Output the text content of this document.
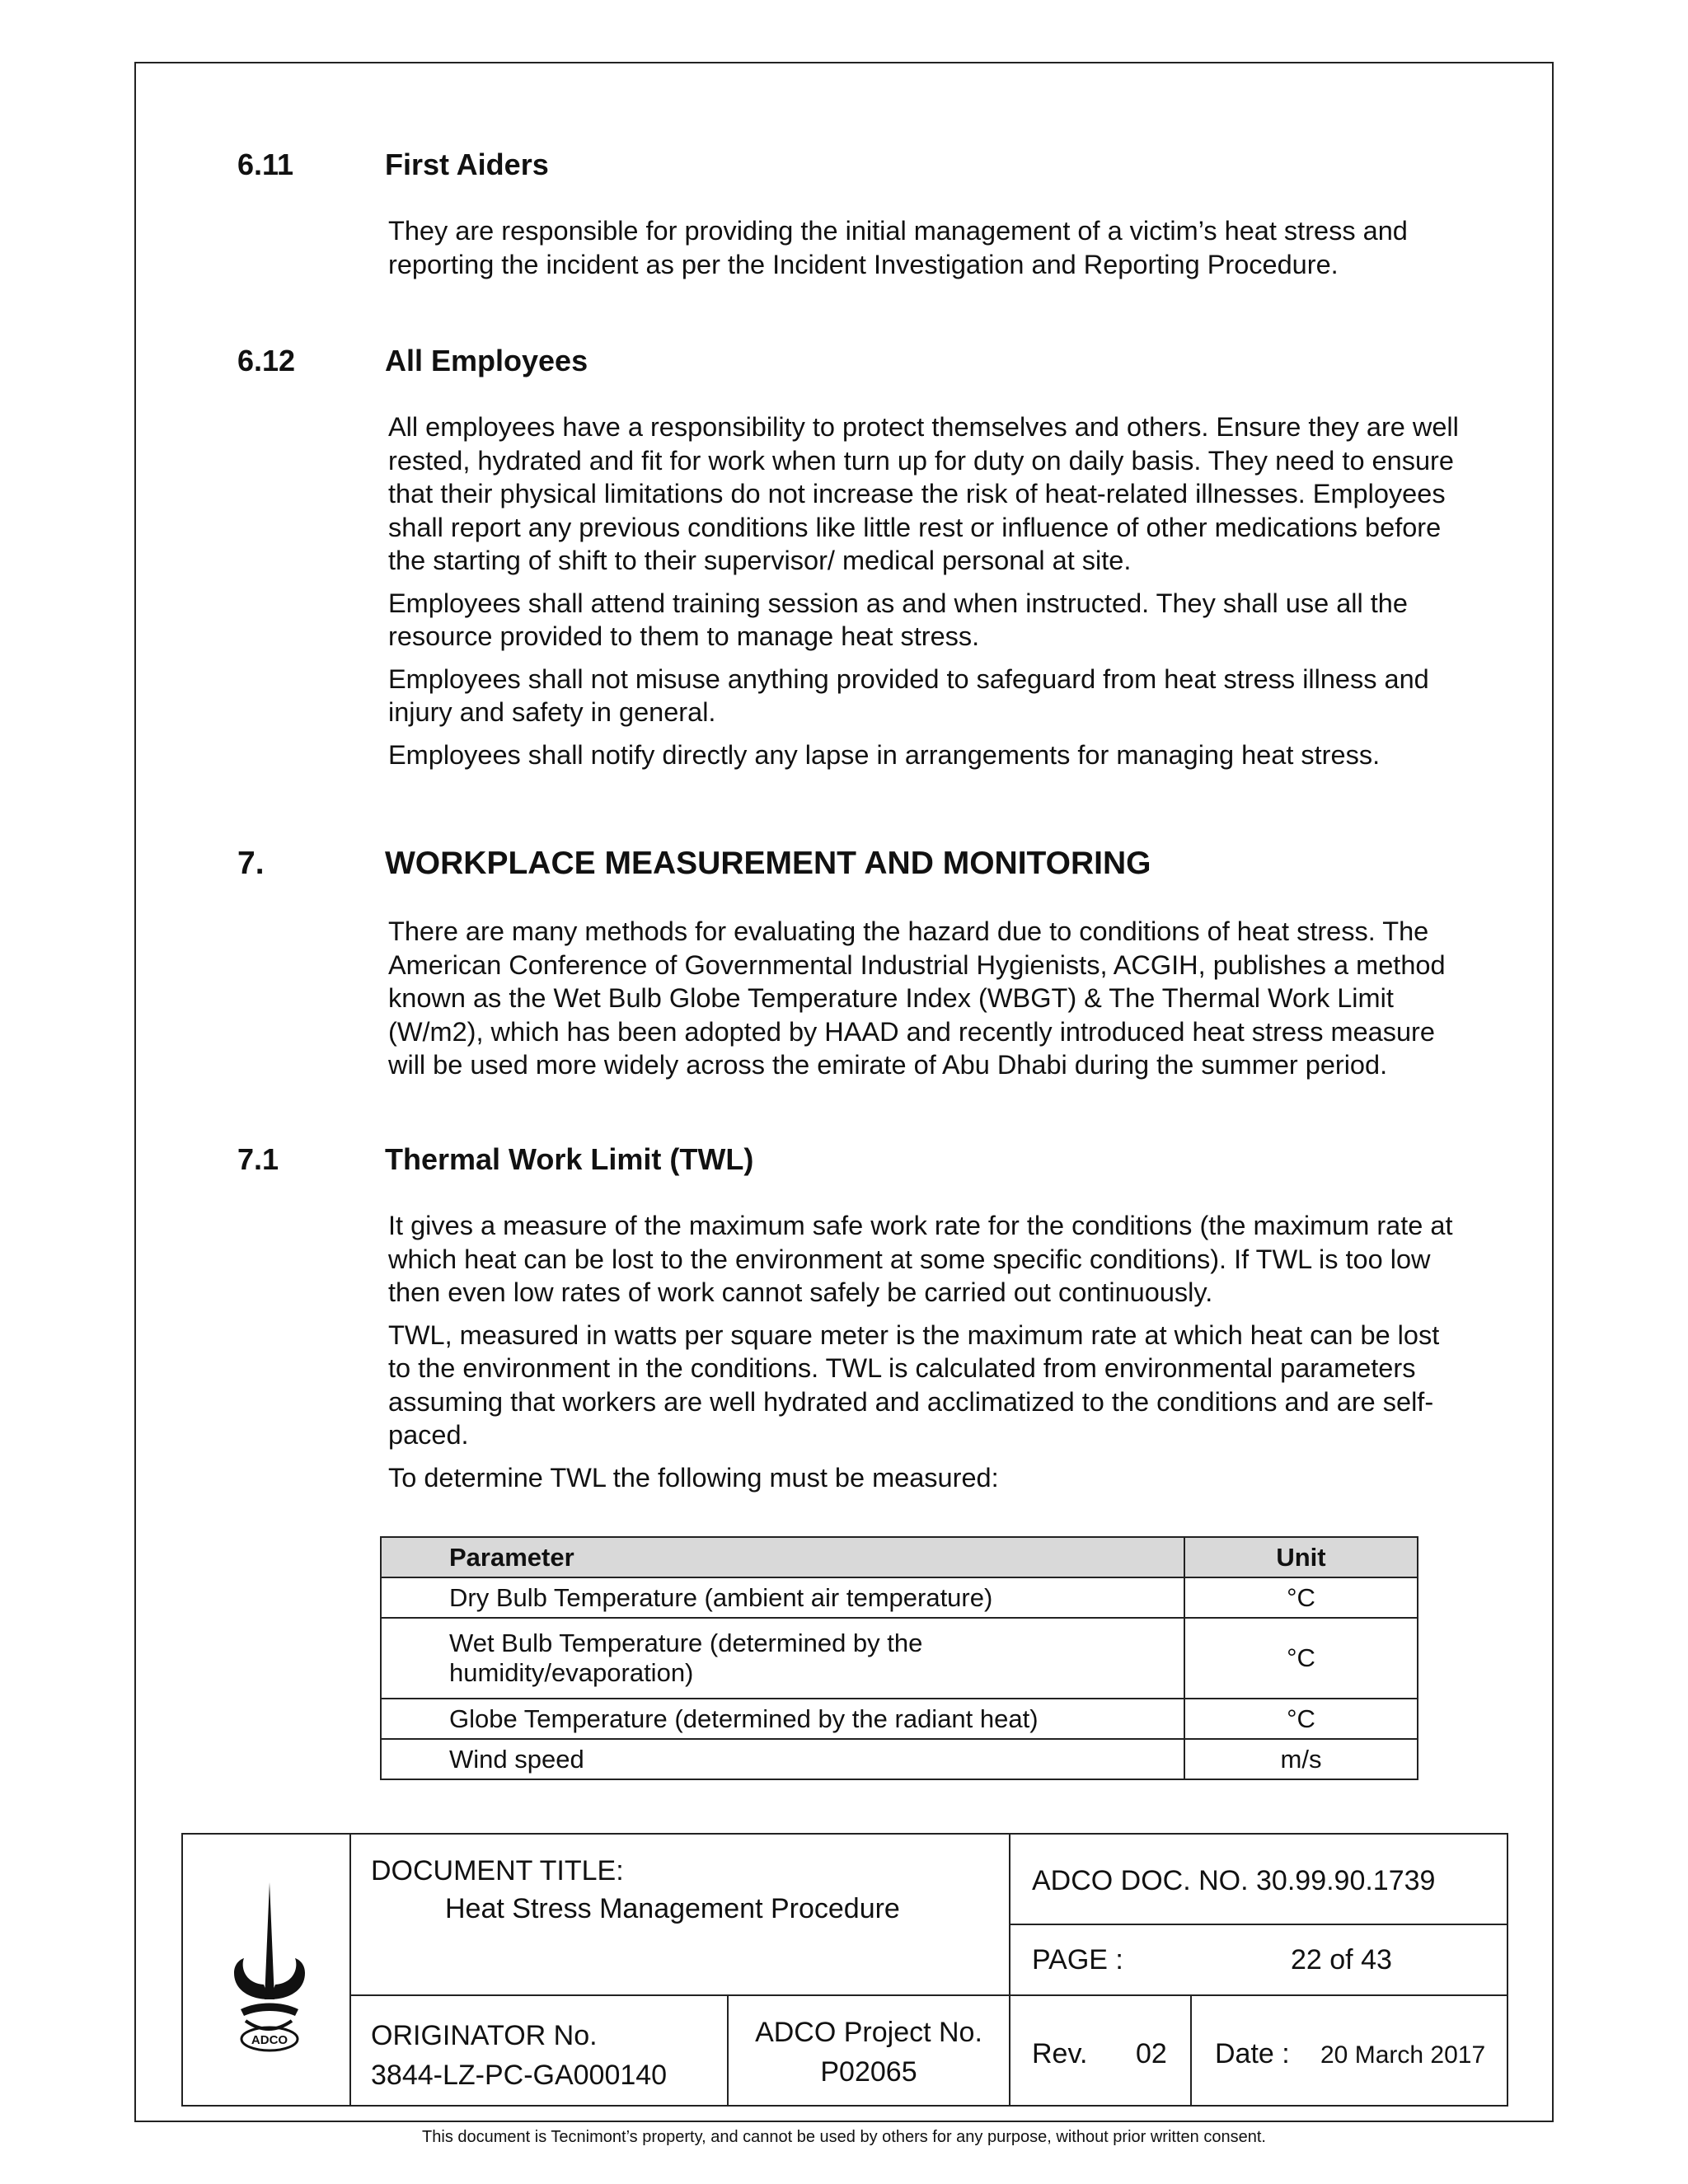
6.11	First Aiders

They are responsible for providing the initial management of a victim’s heat stress and reporting the incident as per the Incident Investigation and Reporting Procedure.

6.12	All Employees

All employees have a responsibility to protect themselves and others. Ensure they are well rested, hydrated and fit for work when turn up for duty on daily basis. They need to ensure that their physical limitations do not increase the risk of heat-related illnesses. Employees shall report any previous conditions like little rest or influence of other medications before the starting of shift to their supervisor/ medical personal at site.

Employees shall attend training session as and when instructed. They shall use all the resource provided to them to manage heat stress.

Employees shall not misuse anything provided to safeguard from heat stress illness and injury and safety in general.

Employees shall notify directly any lapse in arrangements for managing heat stress.

7.	WORKPLACE MEASUREMENT AND MONITORING

There are many methods for evaluating the hazard due to conditions of heat stress. The American Conference of Governmental Industrial Hygienists, ACGIH, publishes a method known as the Wet Bulb Globe Temperature Index (WBGT) & The Thermal Work Limit (W/m2), which has been adopted by HAAD and recently introduced heat stress measure will be used more widely across the emirate of Abu Dhabi during the summer period.

7.1	Thermal Work Limit (TWL)

It gives a measure of the maximum safe work rate for the conditions (the maximum rate at which heat can be lost to the environment at some specific conditions). If TWL is too low then even low rates of work cannot safely be carried out continuously.

TWL, measured in watts per square meter is the maximum rate at which heat can be lost to the environment in the conditions. TWL is calculated from environmental parameters assuming that workers are well hydrated and acclimatized to the conditions and are self-paced.

To determine TWL the following must be measured:

Parameter	Unit
Dry Bulb Temperature (ambient air temperature)	°C
Wet Bulb Temperature (determined by the humidity/evaporation)	°C
Globe Temperature (determined by the radiant heat)	°C
Wind speed	m/s
ADCO
DOCUMENT TITLE:
Heat Stress Management Procedure
ADCO DOC. NO. 30.99.90.1739
PAGE :	22 of 43
ORIGINATOR No.
3844-LZ-PC-GA000140
ADCO Project No.
P02065
Rev. 02 Date : 20 March 2017
This document is Tecnimont’s property, and cannot be used by others for any purpose, without prior written consent.
